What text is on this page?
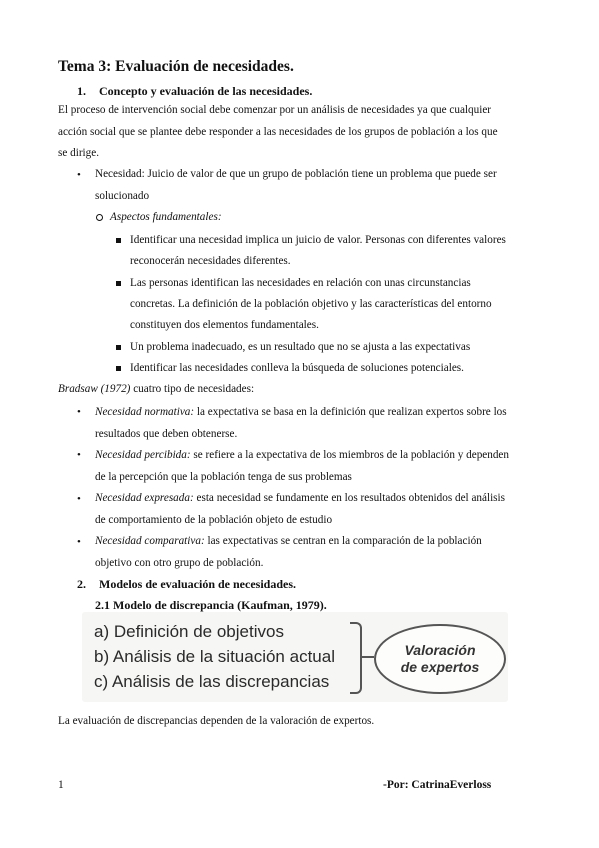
Tema 3: Evaluación de necesidades.
1. Concepto y evaluación de las necesidades.
El proceso de intervención social debe comenzar por un análisis de necesidades ya que cualquier
acción social que se plantee debe responder a las necesidades de los grupos de población a los que
se dirige.
• Necesidad: Juicio de valor de que un grupo de población tiene un problema que puede ser
solucionado
Aspectos fundamentales:
Identificar una necesidad implica un juicio de valor. Personas con diferentes valores
reconocerán necesidades diferentes.
Las personas identifican las necesidades en relación con unas circunstancias
concretas. La definición de la población objetivo y las características del entorno
constituyen dos elementos fundamentales.
Un problema inadecuado, es un resultado que no se ajusta a las expectativas
Identificar las necesidades conlleva la búsqueda de soluciones potenciales.
Bradsaw (1972) cuatro tipo de necesidades:
• Necesidad normativa: la expectativa se basa en la definición que realizan expertos sobre los
resultados que deben obtenerse.
• Necesidad percibida: se refiere a la expectativa de los miembros de la población y dependen
de la percepción que la población tenga de sus problemas
• Necesidad expresada: esta necesidad se fundamente en los resultados obtenidos del análisis
de comportamiento de la población objeto de estudio
• Necesidad comparativa: las expectativas se centran en la comparación de la población
objetivo con otro grupo de población.
2. Modelos de evaluación de necesidades.
2.1 Modelo de discrepancia (Kaufman, 1979).
a) Definición de objetivos
b) Análisis de la situación actual
c) Análisis de las discrepancias
Valoración
de expertos
La evaluación de discrepancias dependen de la valoración de expertos.
1	-Por: CatrinaEverloss
